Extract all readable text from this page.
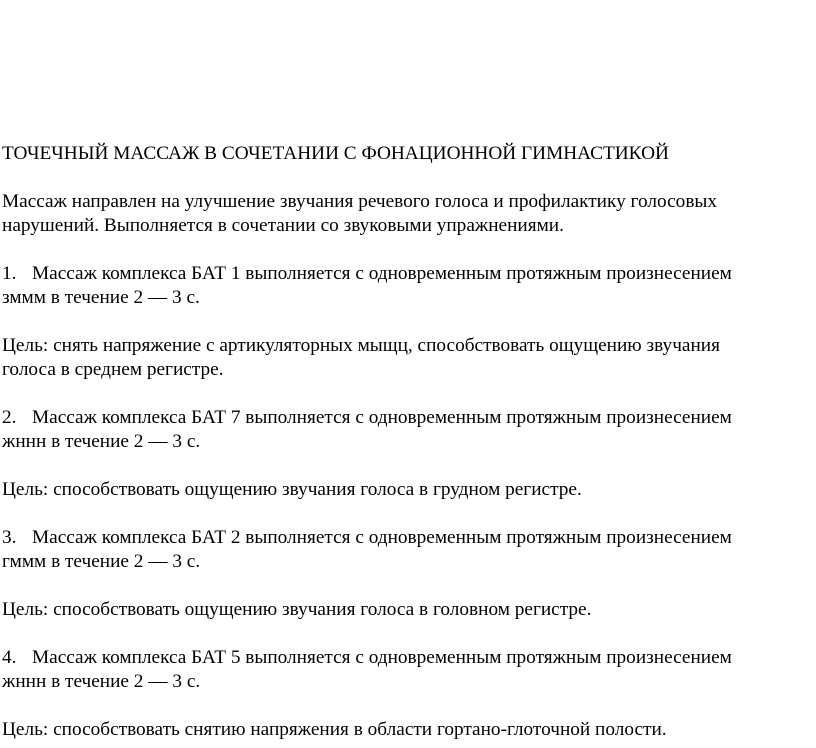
ТОЧЕЧНЫЙ МАССАЖ В СОЧЕТАНИИ С ФОНАЦИОННОЙ ГИМНАСТИКОЙ

Массаж направлен на улучшение звучания речевого голоса и профилактику голосовых

нарушений. Выполняется в сочетании со звуковыми упражнениями.

1. Массаж комплекса БАТ 1 выполняется с одновременным протяжным произнесением

зммм в течение 2 — 3 с.

Цель: снять напряжение с артикуляторных мыщц, способствовать ощущению звучания

голоса в среднем регистре.

2. Массаж комплекса БАТ 7 выполняется с одновременным протяжным произнесением

жннн в течение 2 — 3 с.

Цель: способствовать ощущению звучания голоса в грудном регистре.

3. Массаж комплекса БАТ 2 выполняется с одновременным протяжным произнесением

гммм в течение 2 — 3 с.

Цель: способствовать ощущению звучания голоса в головном регистре.

4. Массаж комплекса БАТ 5 выполняется с одновременным протяжным произнесением

жннн в течение 2 — 3 с.

Цель: способствовать снятию напряжения в области гортано-глоточной полости.
